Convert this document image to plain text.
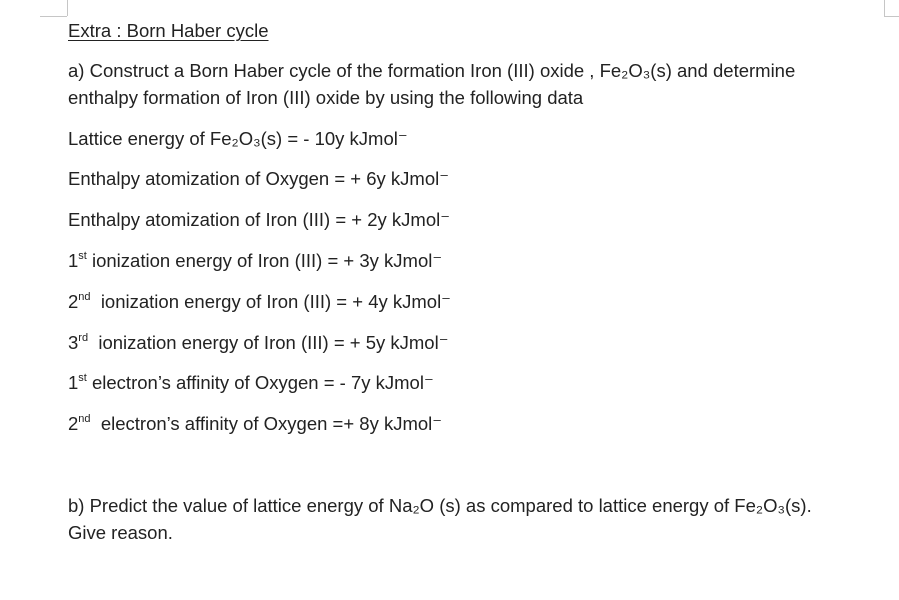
Extra : Born Haber cycle
a) Construct a Born Haber cycle of the formation Iron (III) oxide , Fe₂O₃(s) and determine
enthalpy formation of Iron (III) oxide by using the following data
Lattice energy of Fe₂O₃(s) = - 10y kJmol⁻
Enthalpy atomization of Oxygen = + 6y kJmol⁻
Enthalpy atomization of Iron (III) = + 2y kJmol⁻
1st ionization energy of Iron (III) = + 3y kJmol⁻
2nd  ionization energy of Iron (III) = + 4y kJmol⁻
3rd  ionization energy of Iron (III) = + 5y kJmol⁻
1st electron’s affinity of Oxygen = - 7y kJmol⁻
2nd  electron’s affinity of Oxygen =+ 8y kJmol⁻
b) Predict the value of lattice energy of Na₂O (s) as compared to lattice energy of Fe₂O₃(s).
Give reason.
